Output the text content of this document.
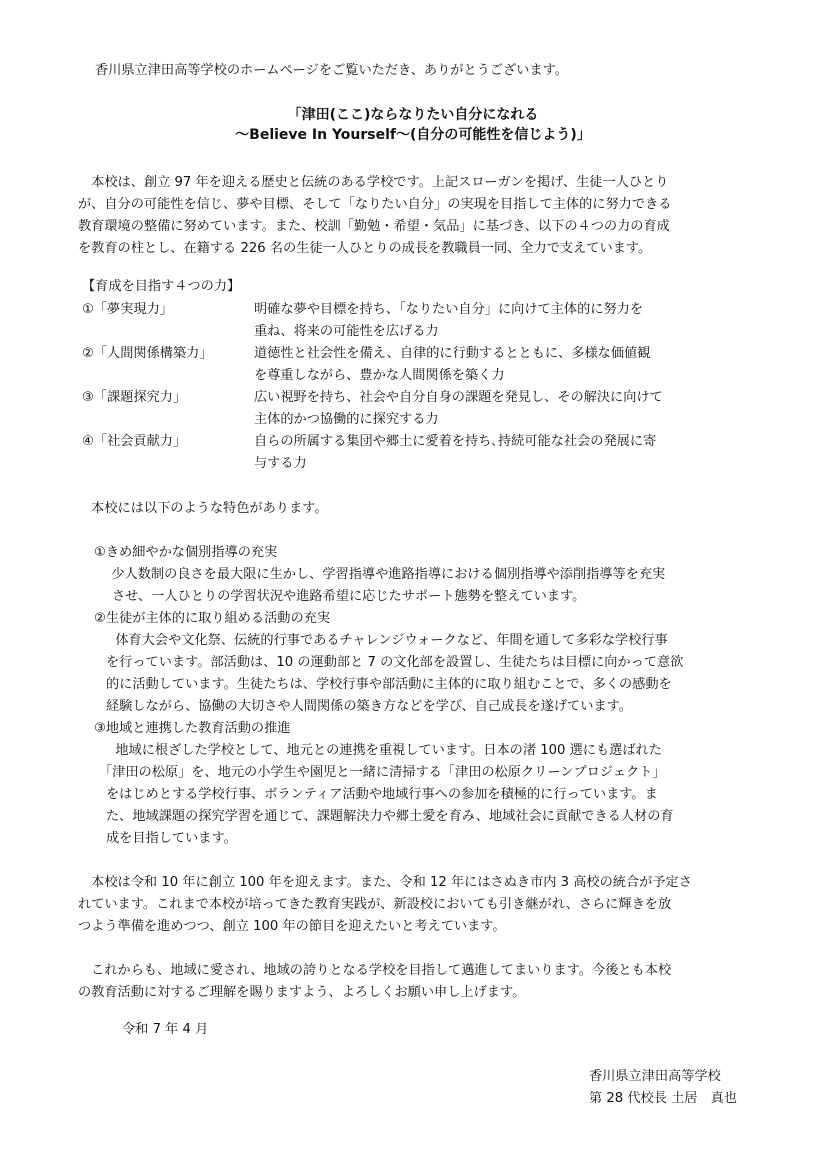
香川県立津田高等学校のホームページをご覧いただき、ありがとうございます。
「津田(ここ)ならなりたい自分になれる
～Believe In Yourself～(自分の可能性を信じよう)」
　本校は、創立 97 年を迎える歴史と伝統のある学校です。上記スローガンを掲げ、生徒一人ひとり
が、自分の可能性を信じ、夢や目標、そして「なりたい自分」の実現を目指して主体的に努力できる
教育環境の整備に努めています。また、校訓「勤勉・希望・気品」に基づき、以下の４つの力の育成
を教育の柱とし、在籍する 226 名の生徒一人ひとりの成長を教職員一同、全力で支えています。
【育成を目指す４つの力】
①「夢実現力」	明確な夢や目標を持ち、「なりたい自分」に向けて主体的に努力を
重ね、将来の可能性を広げる力
②「人間関係構築力」	道徳性と社会性を備え、自律的に行動するとともに、多様な価値観
を尊重しながら、豊かな人間関係を築く力
③「課題探究力」	広い視野を持ち、社会や自分自身の課題を発見し、その解決に向けて
主体的かつ協働的に探究する力
④「社会貢献力」	自らの所属する集団や郷土に愛着を持ち､持続可能な社会の発展に寄
与する力
　本校には以下のような特色があります。
①きめ細やかな個別指導の充実
　　少人数制の良さを最大限に生かし、学習指導や進路指導における個別指導や添削指導等を充実
させ、一人ひとりの学習状況や進路希望に応じたサポート態勢を整えています。
②生徒が主体的に取り組める活動の充実
　　体育大会や文化祭、伝統的行事であるチャレンジウォークなど、年間を通して多彩な学校行事
を行っています。部活動は、10 の運動部と 7 の文化部を設置し、生徒たちは目標に向かって意欲
的に活動しています。生徒たちは、学校行事や部活動に主体的に取り組むことで、多くの感動を
経験しながら、協働の大切さや人間関係の築き方などを学び、自己成長を遂げています。
③地域と連携した教育活動の推進
　　地域に根ざした学校として、地元との連携を重視しています。日本の渚 100 選にも選ばれた
「津田の松原」を、地元の小学生や園児と一緒に清掃する「津田の松原クリーンプロジェクト」
をはじめとする学校行事、ボランティア活動や地域行事への参加を積極的に行っています。ま
た、地域課題の探究学習を通じて、課題解決力や郷土愛を育み、地域社会に貢献できる人材の育
成を目指しています。
　本校は令和 10 年に創立 100 年を迎えます。また、令和 12 年にはさぬき市内 3 高校の統合が予定さ
れています。これまで本校が培ってきた教育実践が、新設校においても引き継がれ、さらに輝きを放
つよう準備を進めつつ、創立 100 年の節目を迎えたいと考えています。
　これからも、地域に愛され、地域の誇りとなる学校を目指して邁進してまいります。今後とも本校
の教育活動に対するご理解を賜りますよう、よろしくお願い申し上げます。
令和 7 年 4 月
香川県立津田高等学校
第 28 代校長 土居　真也
